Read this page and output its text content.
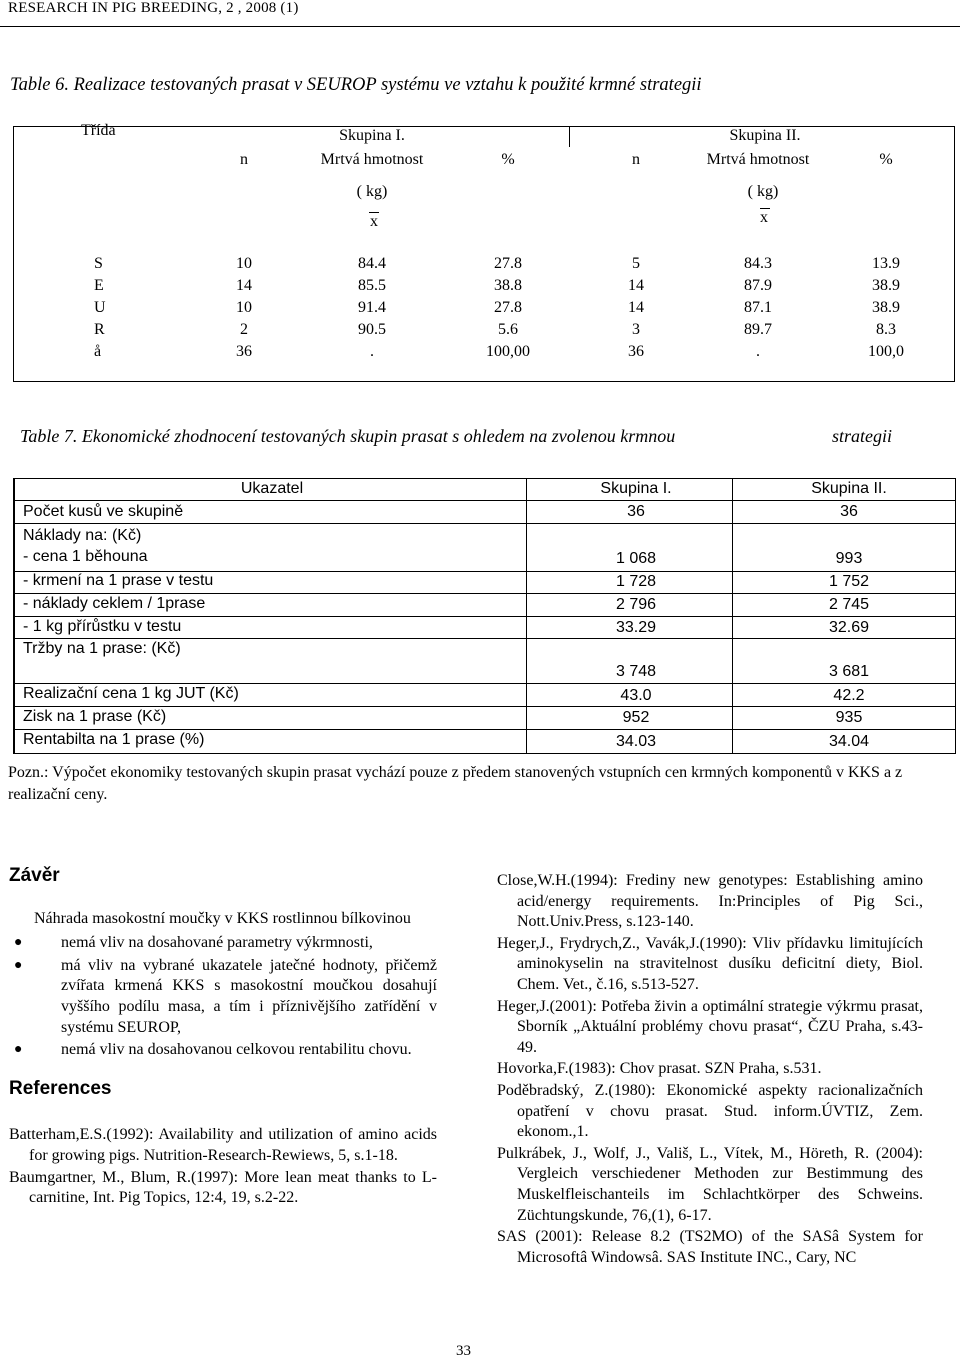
RESEARCH IN PIG BREEDING, 2 , 2008 (1)
Table 6. Realizace testovaných prasat v SEUROP systému ve vztahu k použité krmné strategii
Třída	Skupina I.	Skupina II.
n	Mrtvá hmotnost	%	n	Mrtvá hmotnost	%
( kg)	( kg)
x	x
S	10	84.4	27.8	5	84.3	13.9
E	14	85.5	38.8	14	87.9	38.9
U	10	91.4	27.8	14	87.1	38.9
R	2	90.5	5.6	3	89.7	8.3
å	36	.	100,00	36	.	100,0
Table 7. Ekonomické zhodnocení testovaných skupin prasat s ohledem na zvolenou krmnou	strategii
Ukazatel	Skupina I.	Skupina II.
Počet kusů ve skupině	36	36
Náklady na: (Kč)
- cena 1 běhouna	1 068	993
- krmení na 1 prase v testu	1 728	1 752
- náklady ceklem / 1prase	2 796	2 745
- 1 kg přírůstku v testu	33.29	32.69
Tržby na 1 prase: (Kč)
3 748	3 681
Realizační cena 1 kg JUT (Kč)	43.0	42.2
Zisk na 1 prase (Kč)	952	935
Rentabilta na 1 prase (%)	34.03	34.04
Pozn.: Výpočet ekonomiky testovaných skupin prasat vychází pouze z předem stanovených vstupních cen krmných komponentů v KKS a z realizační ceny.
Závěr
Náhrada masokostní moučky v KKS rostlinnou bílkovinou
● nemá vliv na dosahované parametry výkrmnosti,
● má vliv na vybrané ukazatele jatečné hodnoty, přičemž zvířata krmená KKS s masokostní moučkou dosahují vyššího podílu masa, a tím i příznivějšího zatřídění v systému SEUROP,
● nemá vliv na dosahovanou celkovou rentabilitu chovu.
References
Batterham,E.S.(1992): Availability and utilization of amino acids for growing pigs. Nutrition-Research-Rewiews, 5, s.1-18.
Baumgartner, M., Blum, R.(1997): More lean meat thanks to L-carnitine, Int. Pig Topics, 12:4, 19, s.2-22.
Close,W.H.(1994): Frediny new genotypes: Establishing amino acid/energy requirements. In:Principles of Pig Sci., Nott.Univ.Press, s.123-140.
Heger,J., Frydrych,Z., Vavák,J.(1990): Vliv přídavku limitujících aminokyselin na stravitelnost dusíku deficitní diety, Biol. Chem. Vet., č.16, s.513-527.
Heger,J.(2001): Potřeba živin a optimální strategie výkrmu prasat, Sborník „Aktuální problémy chovu prasat“, ČZU Praha, s.43-49.
Hovorka,F.(1983): Chov prasat. SZN Praha, s.531.
Poděbradský, Z.(1980): Ekonomické aspekty racionalizačních opatření v chovu prasat. Stud. inform.ÚVTIZ, Zem. ekonom.,1.
Pulkrábek, J., Wolf, J., Vališ, L., Vítek, M., Höreth, R. (2004): Vergleich verschiedener Methoden zur Bestimmung des Muskelfleischanteils im Schlachtkörper des Schweins. Züchtungskunde, 76,(1), 6-17.
SAS (2001): Release 8.2 (TS2MO) of the SASâ System for Microsoftâ Windowsâ. SAS Institute INC., Cary, NC
33
